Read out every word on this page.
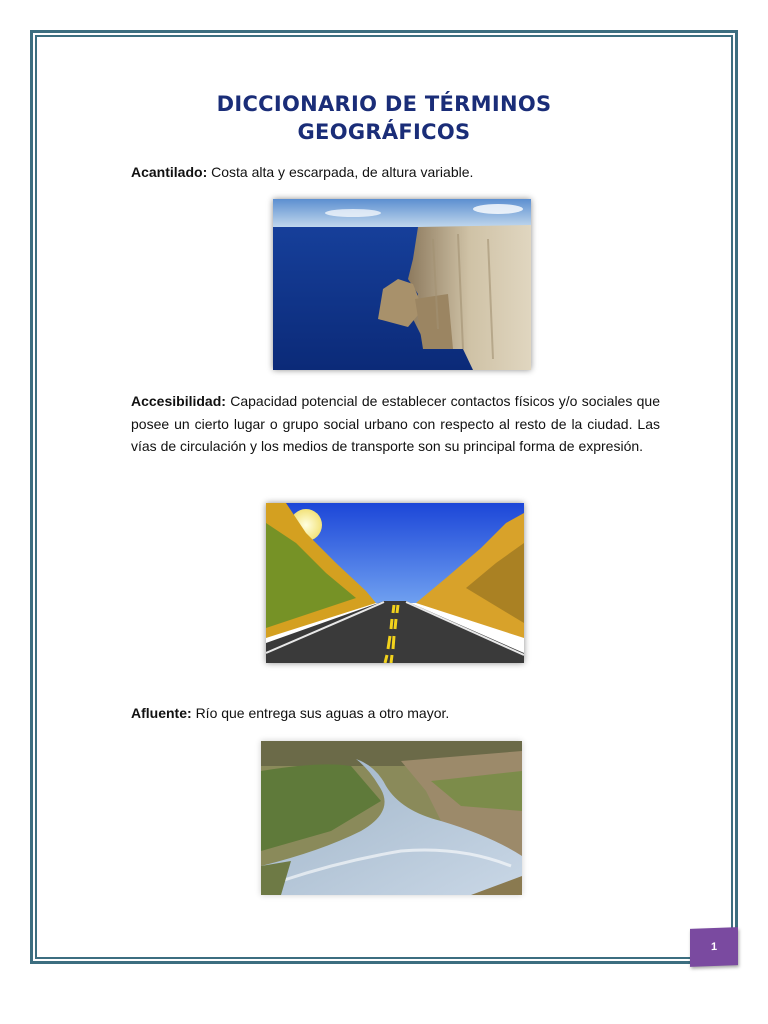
DICCIONARIO DE TÉRMINOS
GEOGRÁFICOS
Acantilado: Costa alta y escarpada, de altura variable.
Accesibilidad: Capacidad potencial de establecer contactos físicos y/o sociales que posee un cierto lugar o grupo social urbano con respecto al resto de la ciudad. Las vías de circulación y los medios de transporte son su principal forma de expresión.
Afluente: Río que entrega sus aguas a otro mayor.
1
